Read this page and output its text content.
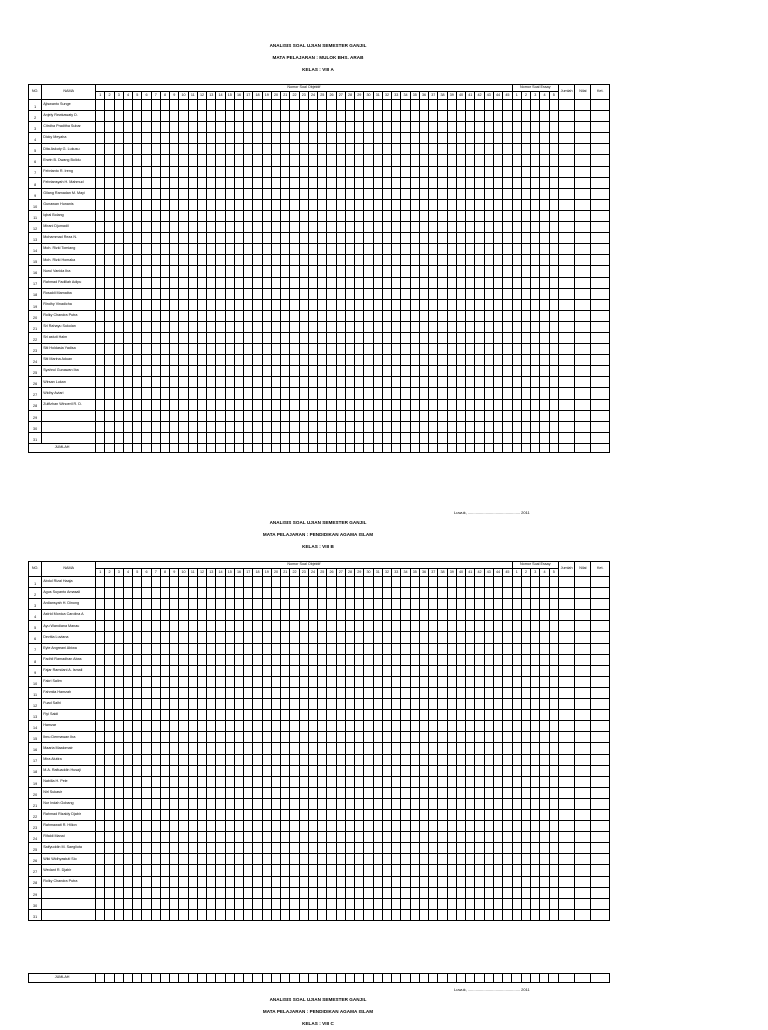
ANALISIS SOAL UJIAN SEMESTER GANJIL
MATA PELAJARAN : MULOK BHS. ARAB
KELAS : VIII A
NO.	NAMA	Nomor Soal Objektif																																													Nomor Soal Essay					Jumlah	Nilai	Ket.
		1	2	3	4	5	6	7	8	9	10	11	12	13	14	15	16	17	18	19	20	21	22	23	24	25	26	27	28	29	30	31	32	33	34	35	36	37	38	39	40	41	42	43	44	45	1	2	3	4	5			
1	Ajiswanto Sunge																																																					
2	Anjely Rewkawaty D.																																																					
3	Citrdha Praditha Subar																																																					
4	Dicky Meyaha																																																					
5	Dita Askuty G. Lukusu																																																					
6	Erwin B. Dwang Bolidu																																																					
7	Febrianto R. Ireng																																																					
8	Febriansyah H. Mahmud																																																					
9	Gilang Ramadan M. Mayi																																																					
10	Gunawan Hunanis																																																					
11	Iqbal Bolang																																																					
12	Mirani Djumadil																																																					
13	Mohammad Reza N.																																																					
14	Moh. Rizki Tomiang																																																					
15	Moh. Rizki Homaka																																																					
16	Nurul Vanida Iba																																																					
17	Rahmad Fadillah Adipu																																																					
18	Rosaldi Mamaiba																																																					
19	Rindhy Vinadicha																																																					
20	Rolky Chandra Putra																																																					
21	Sri Rahayu Sukolan																																																					
22	Sri astuti Halm																																																					
23	Siti Holdasia Yadisa																																																					
24	Siti Marina Aduan																																																					
25	Syahrul Gunawan Iba																																																					
26	Wirsan Lukan																																																					
27	Widhy Aviari																																																					
28	Zulfizhan Winoeril R. D.																																																					
29																																																						
30																																																						
31																																																						
JUMLAH																																																						
Luwuk, ............................................... 2011
ANALISIS SOAL UJIAN SEMESTER GANJIL
MATA PELAJARAN : PENDIDIKAN AGAMA ISLAM
KELAS : VIII B
NO.	NAMA	Nomor Soal Objektif																																													Nomor Soal Essay					Jumlah	Nilai	Ket.
		1	2	3	4	5	6	7	8	9	10	11	12	13	14	15	16	17	18	19	20	21	22	23	24	25	26	27	28	29	30	31	32	33	34	35	36	37	38	39	40	41	42	43	44	45	1	2	3	4	5			
1	Abdul Rizal Haaja																																																					
2	Agus Suyanto Amasali																																																					
3	Ardiansyah H. Dinong																																																					
4	Astrid Monica Carolina A																																																					
5	Ayu Wandiana Manau																																																					
6	Devitia Luviana																																																					
7	Eyle Angreani Abiwa																																																					
8	Fadhil Ramadhan Abas																																																					
9	Fajar Ramdani A. Ismail																																																					
10	Fakri Salim																																																					
11	Fahmiia Hamzah																																																					
12	Fuad Salhi																																																					
13	Fiyi Saidi																																																					
14	Hamzar																																																					
15	Ibnu Dermawan Iba																																																					
16	Maaria Maalomair																																																					
17	Mira Alutira																																																					
18	M.A. Rafiuaddin Husaji																																																					
19	Nabilla H. Pele																																																					
20	Nirl Sukasir																																																					
21	Nur Indah Gobang																																																					
22	Rahmad Rizaldy Djabir																																																					
23	Rahmawati R. Hilion																																																					
24	Rifaldi Manai																																																					
25	Saifyuddin M. Saegliota																																																					
26	Wiki Widhyastuti Sio																																																					
27	Wedant R. Djabir																																																					
28	Rolky Chandra Putra																																																					
29																																																						
30																																																						
31																																																						
JUMLAH																																																					
Luwuk, ............................................... 2011
ANALISIS SOAL UJIAN SEMESTER GANJIL
MATA PELAJARAN : PENDIDIKAN AGAMA ISLAM
KELAS : VIII C
